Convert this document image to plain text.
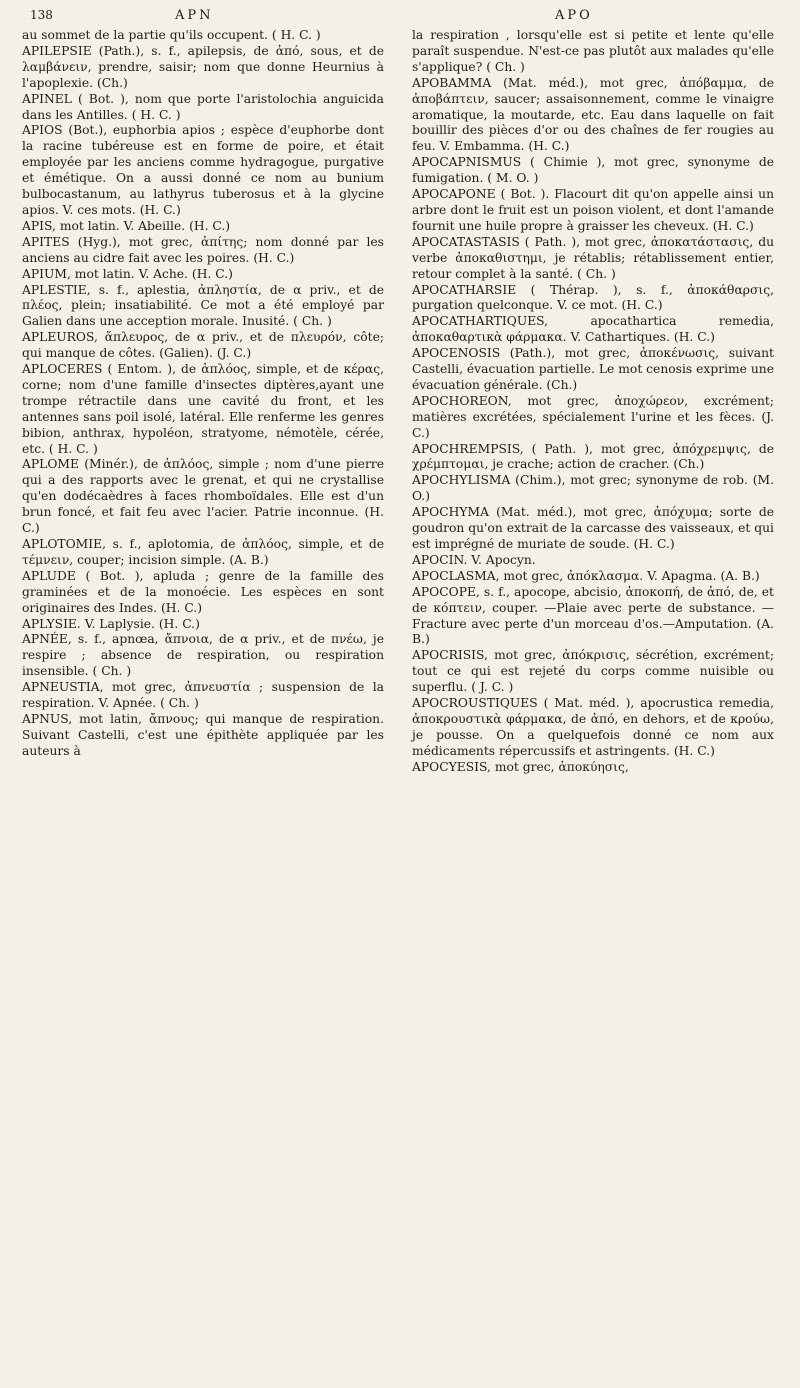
138	APN	APO

au sommet de la partie qu'ils occupent. ( H. C. )

APILEPSIE (Path.), s. f., apilepsis, de ἀπό, sous, et de λαμβάνειν, prendre, saisir; nom que donne Heurnius à l'apoplexie. (Ch.)

APINEL ( Bot. ), nom que porte l'aristolochia anguicida dans les Antilles. ( H. C. )

APIOS (Bot.), euphorbia apios ; espèce d'euphorbe dont la racine tubéreuse est en forme de poire, et était employée par les anciens comme hydragogue, purgative et émétique. On a aussi donné ce nom au bunium bulbocastanum, au lathyrus tuberosus et à la glycine apios. V. ces mots. (H. C.)

APIS, mot latin. V. Abeille. (H. C.)

APITES (Hyg.), mot grec, ἀπίτης; nom donné par les anciens au cidre fait avec les poires. (H. C.)

APIUM, mot latin. V. Ache. (H. C.)

APLESTIE, s. f., aplestia, ἀπληστία, de α priv., et de πλέος, plein; insatiabilité. Ce mot a été employé par Galien dans une acception morale. Inusité. ( Ch. )

APLEUROS, ἄπλευρος, de α priv., et de πλευρόν, côte; qui manque de côtes. (Galien). (J. C.)

APLOCERES ( Entom. ), de ἁπλόος, simple, et de κέρας, corne; nom d'une famille d'insectes diptères,ayant une trompe rétractile dans une cavité du front, et les antennes sans poil isolé, latéral. Elle renferme les genres bibion, anthrax, hypoléon, stratyome, némotèle, cérée, etc. ( H. C. )

APLOME (Minér.), de ἁπλόος, simple ; nom d'une pierre qui a des rapports avec le grenat, et qui ne crystallise qu'en dodécaèdres à faces rhomboïdales. Elle est d'un brun foncé, et fait feu avec l'acier. Patrie inconnue. (H. C.)

APLOTOMIE, s. f., aplotomia, de ἁπλόος, simple, et de τέμνειν, couper; incision simple. (A. B.)

APLUDE ( Bot. ), apluda ; genre de la famille des graminées et de la monoécie. Les espèces en sont originaires des Indes. (H. C.)

APLYSIE. V. Laplysie. (H. C.)

APNÉE, s. f., apnœa, ἄπνοια, de α priv., et de πνέω, je respire ; absence de respiration, ou respiration insensible. ( Ch. )

APNEUSTIA, mot grec, ἀπνευστία ; suspension de la respiration. V. Apnée. ( Ch. )

APNUS, mot latin, ἄπνους; qui manque de respiration. Suivant Castelli, c'est une épithète appliquée par les auteurs à

la respiration , lorsqu'elle est si petite et lente qu'elle paraît suspendue. N'est-ce pas plutôt aux malades qu'elle s'applique? ( Ch. )

APOBAMMA (Mat. méd.), mot grec, ἀπόβαμμα, de ἀποβάπτειν, saucer; assaisonnement, comme le vinaigre aromatique, la moutarde, etc. Eau dans laquelle on fait bouillir des pièces d'or ou des chaînes de fer rougies au feu. V. Embamma. (H. C.)

APOCAPNISMUS ( Chimie ), mot grec, synonyme de fumigation. ( M. O. )

APOCAPONE ( Bot. ). Flacourt dit qu'on appelle ainsi un arbre dont le fruit est un poison violent, et dont l'amande fournit une huile propre à graisser les cheveux. (H. C.)

APOCATASTASIS ( Path. ), mot grec, ἀποκατάστασις, du verbe ἀποκαθιστημι, je rétablis; rétablissement entier, retour complet à la santé. ( Ch. )

APOCATHARSIE ( Thérap. ), s. f., ἀποκάθαρσις, purgation quelconque. V. ce mot. (H. C.)

APOCATHARTIQUES, apocathartica remedia, ἀποκαθαρτικὰ φάρμακα. V. Cathartiques. (H. C.)

APOCENOSIS (Path.), mot grec, ἀποκένωσις, suivant Castelli, évacuation partielle. Le mot cenosis exprime une évacuation générale. (Ch.)

APOCHOREON, mot grec, ἀποχώρεον, excrément; matières excrétées, spécialement l'urine et les fèces. (J. C.)

APOCHREMPSIS, ( Path. ), mot grec, ἀπόχρεμψις, de χρέμπτομαι, je crache; action de cracher. (Ch.)

APOCHYLISMA (Chim.), mot grec; synonyme de rob. (M. O.)

APOCHYMA (Mat. méd.), mot grec, ἀπόχυμα; sorte de goudron qu'on extrait de la carcasse des vaisseaux, et qui est imprégné de muriate de soude. (H. C.)

APOCIN. V. Apocyn.

APOCLASMA, mot grec, ἀπόκλασμα. V. Apagma. (A. B.)

APOCOPE, s. f., apocope, abcisio, ἀποκοπή, de ἀπό, de, et de κόπτειν, couper. —Plaie avec perte de substance. — Fracture avec perte d'un morceau d'os.—Amputation. (A. B.)

APOCRISIS, mot grec, ἀπόκρισις, sécrétion, excrément; tout ce qui est rejeté du corps comme nuisible ou superflu. ( J. C. )

APOCROUSTIQUES ( Mat. méd. ), apocrustica remedia, ἀποκρουστικὰ φάρμακα, de ἀπό, en dehors, et de κρούω, je pousse. On a quelquefois donné ce nom aux médicaments répercussifs et astringents. (H. C.)

APOCYESIS, mot grec, ἀποκύησις,
